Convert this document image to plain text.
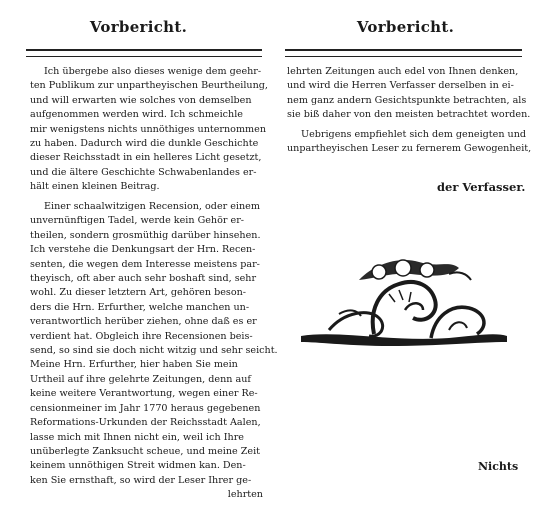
Vorbericht.
Ich übergebe also dieses wenige dem geehr-
ten Publikum zur unpartheyischen Beurtheilung,
und will erwarten wie solches von demselben
aufgenommen werden wird. Ich schmeichle
mir wenigstens nichts unnöthiges unternommen
zu haben. Dadurch wird die dunkle Geschichte
dieser Reichsstadt in ein helleres Licht gesetzt,
und die ältere Geschichte Schwabenlandes er-
hält einen kleinen Beitrag.
Einer schaalwitzigen Recension, oder einem
unvernünftigen Tadel, werde kein Gehör er-
theilen, sondern grosmüthig darüber hinsehen.
Ich verstehe die Denkungsart der Hrn. Recen-
senten, die wegen dem Interesse meistens par-
theyisch, oft aber auch sehr boshaft sind, sehr
wohl. Zu dieser letztern Art, gehören beson-
ders die Hrn. Erfurther, welche manchen un-
verantwortlich herüber ziehen, ohne daß es er
verdient hat. Obgleich ihre Recensionen beis-
send, so sind sie doch nicht witzig und sehr seicht.
Meine Hrn. Erfurther, hier haben Sie mein
Urtheil auf ihre gelehrte Zeitungen, denn auf
keine weitere Verantwortung, wegen einer Re-
censionmeiner im Jahr 1770 heraus gegebenen
Reformations-Urkunden der Reichsstadt Aalen,
lasse mich mit Ihnen nicht ein, weil ich Ihre
unüberlegte Zanksucht scheue, und meine Zeit
keinem unnöthigen Streit widmen kan. Den-
ken Sie ernsthaft, so wird der Leser Ihrer ge-
lehrten
Vorbericht.
lehrten Zeitungen auch edel von Ihnen denken,
und wird die Herren Verfasser derselben in ei-
nem ganz andern Gesichtspunkte betrachten, als
sie biß daher von den meisten betrachtet worden.
Uebrigens empfiehlet sich dem geneigten und
unpartheyischen Leser zu fernerem Gewogenheit,
der Verfasser.
Nichts
